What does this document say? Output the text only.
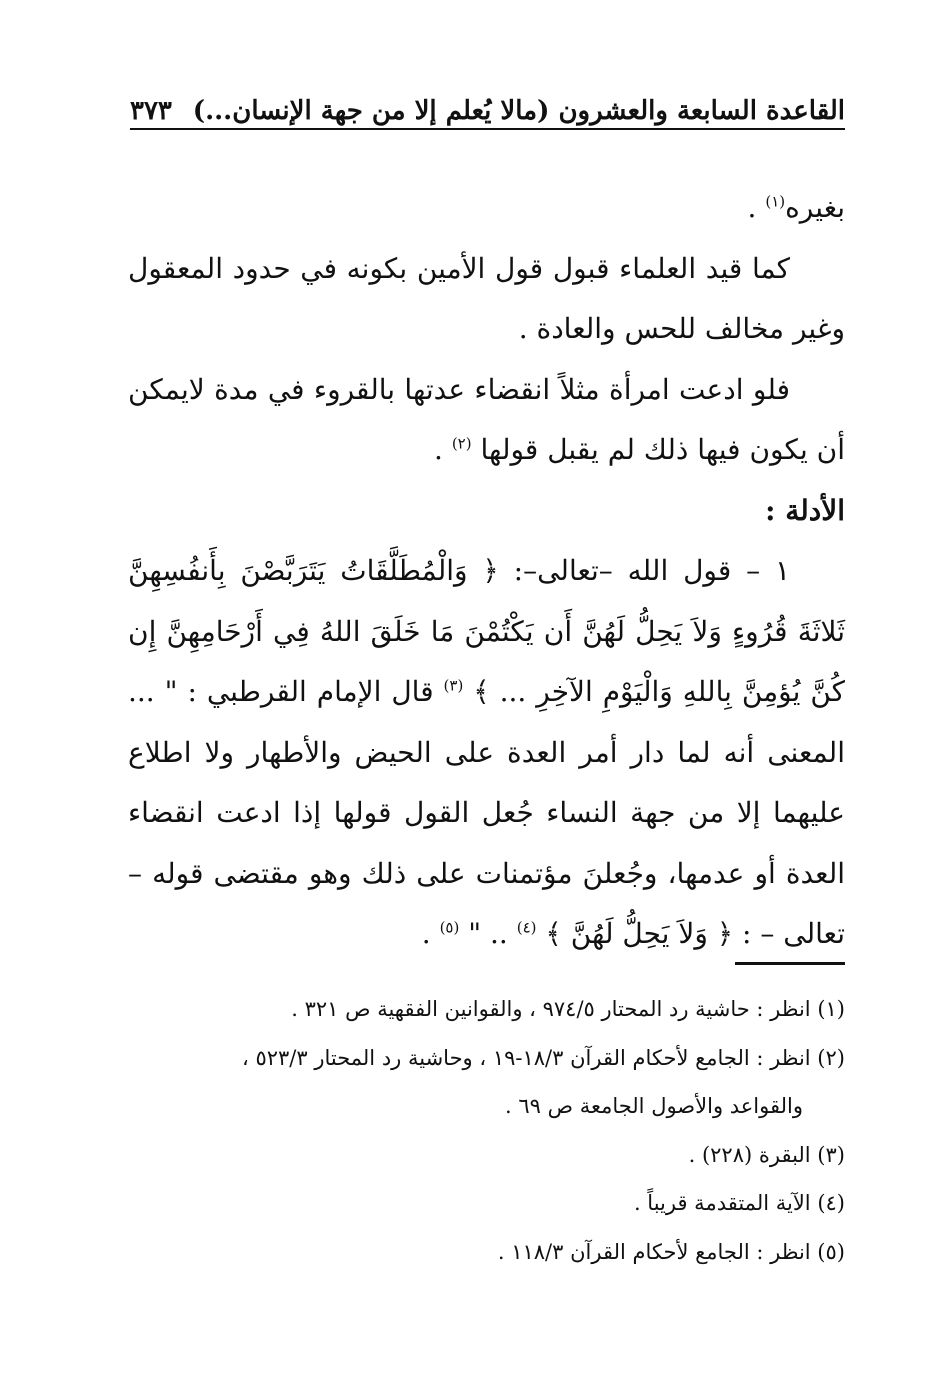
القاعدة السابعة والعشرون (مالا يُعلم إلا من جهة الإنسان...)
٣٧٣

بغيره$^{(١)}$ .

كما قيد العلماء قبول قول الأمين بكونه في حدود المعقول وغير مخالف للحس والعادة .

فلو ادعت امرأة مثلاً انقضاء عدتها بالقروء في مدة لايمكن أن يكون فيها ذلك لم يقبل قولها $^{(٢)}$ .

الأدلة :

١ – قول الله –تعالى–: ﴿ وَالْمُطَلَّقَاتُ يَتَرَبَّصْنَ بِأَنفُسِهِنَّ ثَلاثَةَ قُرُوءٍ وَلاَ يَحِلُّ لَهُنَّ أَن يَكْتُمْنَ مَا خَلَقَ اللهُ فِي أَرْحَامِهِنَّ إِن كُنَّ يُؤمِنَّ بِاللهِ وَالْيَوْمِ الآخِرِ ... ﴾ $^{(٣)}$ قال الإمام القرطبي : " ... المعنى أنه لما دار أمر العدة على الحيض والأطهار ولا اطلاع عليهما إلا من جهة النساء جُعل القول قولها إذا ادعت انقضاء العدة أو عدمها، وجُعلنَ مؤتمنات على ذلك وهو مقتضى قوله – تعالى – : ﴿ وَلاَ يَحِلُّ لَهُنَّ ﴾ $^{(٤)}$ .. " $^{(٥)}$ .

(١) انظر : حاشية رد المحتار ٩٧٤/٥ ، والقوانين الفقهية ص ٣٢١ .

(٢) انظر : الجامع لأحكام القرآن ١٨/٣-١٩ ، وحاشية رد المحتار ٥٢٣/٣ ،

والقواعد والأصول الجامعة ص ٦٩ .

(٣) البقرة (٢٢٨) .

(٤) الآية المتقدمة قريباً .

(٥) انظر : الجامع لأحكام القرآن ١١٨/٣ .
